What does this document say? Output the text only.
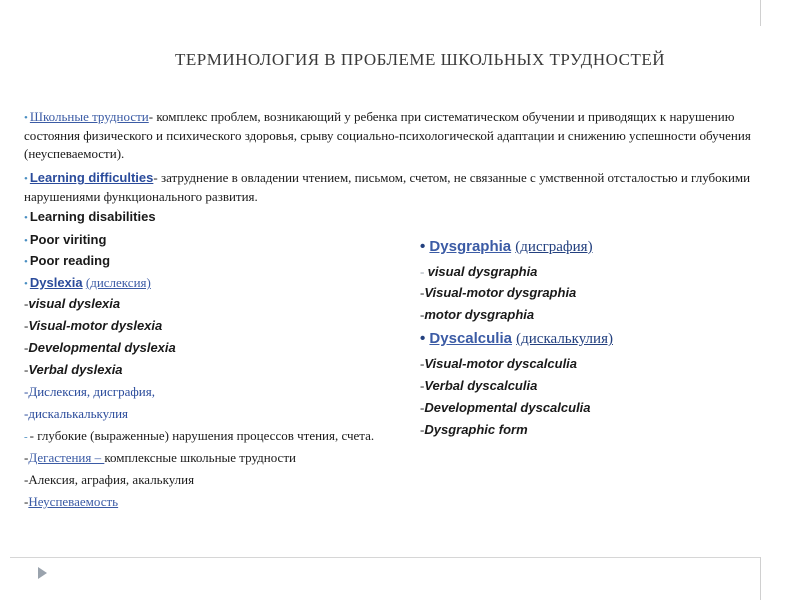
ТЕРМИНОЛОГИЯ В ПРОБЛЕМЕ ШКОЛЬНЫХ ТРУДНОСТЕЙ
• Школьные трудности- комплекс проблем, возникающий у ребенка при систематическом обучении и приводящих к нарушению состояния физического и психического здоровья, срыву социально-психологической адаптации и снижению успешности обучения (неуспеваемости).
• Learning difficulties- затруднение в овладении чтением, письмом, счетом, не связанные с умственной отсталостью и глубокими нарушениями функционального развития.
• Learning disabilities
• Poor viriting
• Poor reading
• Dyslexia (дислексия)
-visual dyslexia
-Visual-motor dyslexia
-Developmental dyslexia
-Verbal dyslexia
-Дислексия, дисграфия,
-дискалькалькулия
- - глубокие (выраженные) нарушения процессов чтения, счета.
-Дегастения – комплексные школьные трудности
-Алексия, аграфия, акалькулия
-Неуспеваемость
• Dysgraphia (дисграфия)
- visual dysgraphia
-Visual-motor dysgraphia
-motor dysgraphia
• Dyscalculia (дискалькулия)
-Visual-motor dyscalculia
-Verbal dyscalculia
-Developmental dyscalculia
-Dysgraphic form
